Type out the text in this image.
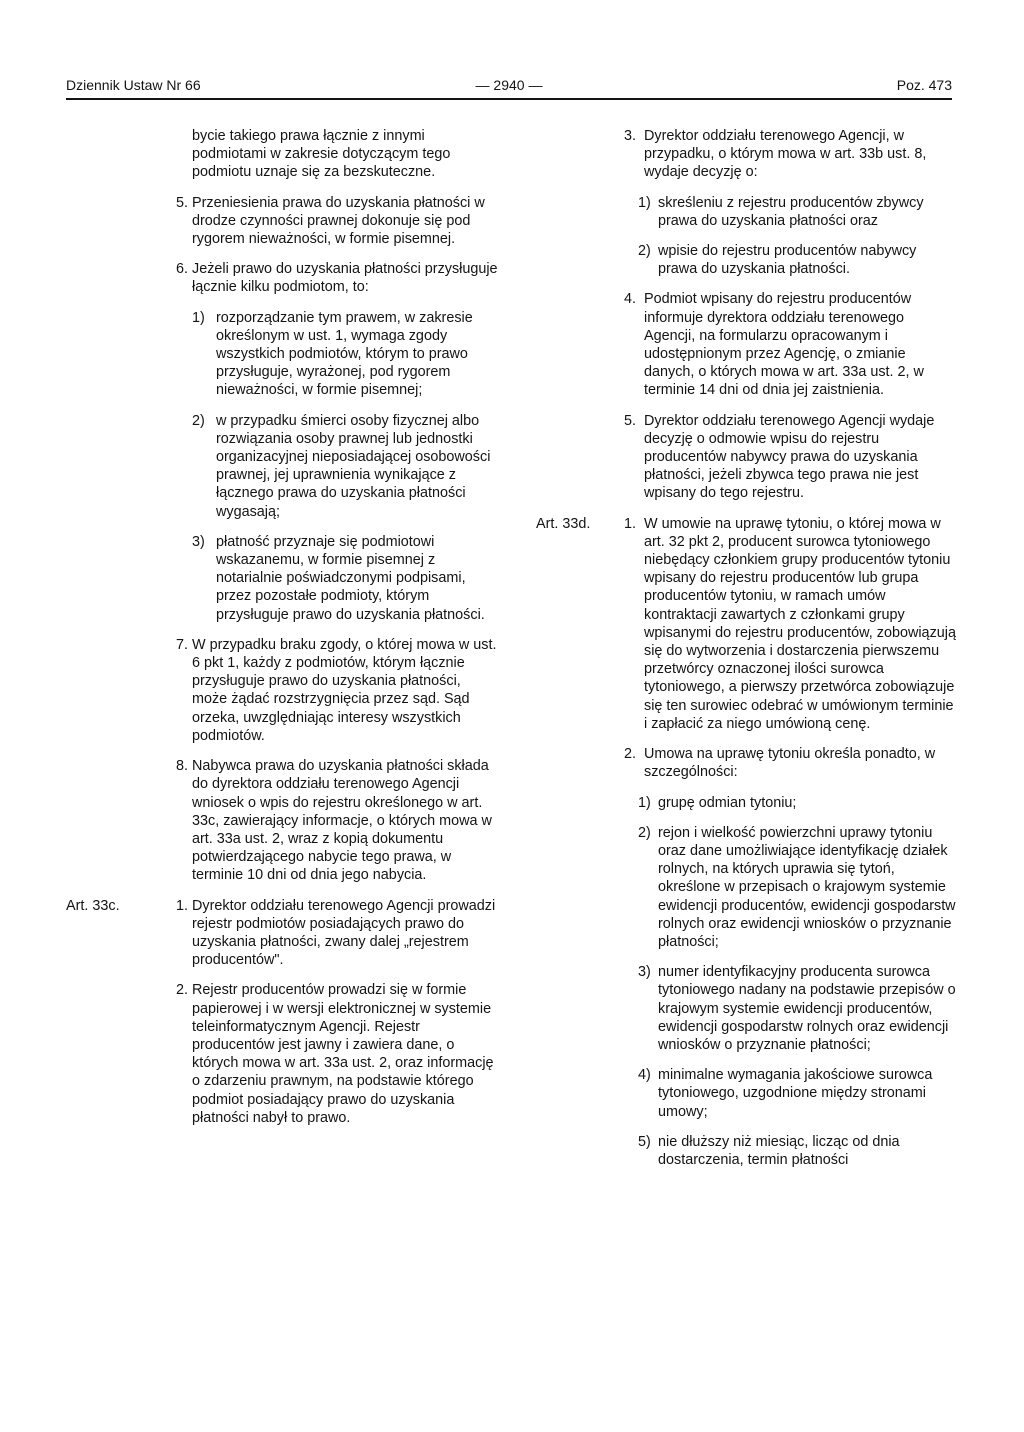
Dziennik Ustaw Nr 66	— 2940 —	Poz. 473

bycie takiego prawa łącznie z innymi podmiotami w zakresie dotyczącym tego podmiotu uznaje się za bezskuteczne.

5. Przeniesienia prawa do uzyskania płatności w drodze czynności prawnej dokonuje się pod rygorem nieważności, w formie pisemnej.

6. Jeżeli prawo do uzyskania płatności przysługuje łącznie kilku podmiotom, to:

1) rozporządzanie tym prawem, w zakresie określonym w ust. 1, wymaga zgody wszystkich podmiotów, którym to prawo przysługuje, wyrażonej, pod rygorem nieważności, w formie pisemnej;

2) w przypadku śmierci osoby fizycznej albo rozwiązania osoby prawnej lub jednostki organizacyjnej nieposiadającej osobowości prawnej, jej uprawnienia wynikające z łącznego prawa do uzyskania płatności wygasają;

3) płatność przyznaje się podmiotowi wskazanemu, w formie pisemnej z notarialnie poświadczonymi podpisami, przez pozostałe podmioty, którym przysługuje prawo do uzyskania płatności.

7. W przypadku braku zgody, o której mowa w ust. 6 pkt 1, każdy z podmiotów, którym łącznie przysługuje prawo do uzyskania płatności, może żądać rozstrzygnięcia przez sąd. Sąd orzeka, uwzględniając interesy wszystkich podmiotów.

8. Nabywca prawa do uzyskania płatności składa do dyrektora oddziału terenowego Agencji wniosek o wpis do rejestru określonego w art. 33c, zawierający informacje, o których mowa w art. 33a ust. 2, wraz z kopią dokumentu potwierdzającego nabycie tego prawa, w terminie 10 dni od dnia jego nabycia.

Art. 33c.	1. Dyrektor oddziału terenowego Agencji prowadzi rejestr podmiotów posiadających prawo do uzyskania płatności, zwany dalej „rejestrem producentów".

2. Rejestr producentów prowadzi się w formie papierowej i w wersji elektronicznej w systemie teleinformatycznym Agencji. Rejestr producentów jest jawny i zawiera dane, o których mowa w art. 33a ust. 2, oraz informację o zdarzeniu prawnym, na podstawie którego podmiot posiadający prawo do uzyskania płatności nabył to prawo.

3. Dyrektor oddziału terenowego Agencji, w przypadku, o którym mowa w art. 33b ust. 8, wydaje decyzję o:

1) skreśleniu z rejestru producentów zbywcy prawa do uzyskania płatności oraz

2) wpisie do rejestru producentów nabywcy prawa do uzyskania płatności.

4. Podmiot wpisany do rejestru producentów informuje dyrektora oddziału terenowego Agencji, na formularzu opracowanym i udostępnionym przez Agencję, o zmianie danych, o których mowa w art. 33a ust. 2, w terminie 14 dni od dnia jej zaistnienia.

5. Dyrektor oddziału terenowego Agencji wydaje decyzję o odmowie wpisu do rejestru producentów nabywcy prawa do uzyskania płatności, jeżeli zbywca tego prawa nie jest wpisany do tego rejestru.

Art. 33d. 1. W umowie na uprawę tytoniu, o której mowa w art. 32 pkt 2, producent surowca tytoniowego niebędący członkiem grupy producentów tytoniu wpisany do rejestru producentów lub grupa producentów tytoniu, w ramach umów kontraktacji zawartych z członkami grupy wpisanymi do rejestru producentów, zobowiązują się do wytworzenia i dostarczenia pierwszemu przetwórcy oznaczonej ilości surowca tytoniowego, a pierwszy przetwórca zobowiązuje się ten surowiec odebrać w umówionym terminie i zapłacić za niego umówioną cenę.

2. Umowa na uprawę tytoniu określa ponadto, w szczególności:

1) grupę odmian tytoniu;

2) rejon i wielkość powierzchni uprawy tytoniu oraz dane umożliwiające identyfikację działek rolnych, na których uprawia się tytoń, określone w przepisach o krajowym systemie ewidencji producentów, ewidencji gospodarstw rolnych oraz ewidencji wniosków o przyznanie płatności;

3) numer identyfikacyjny producenta surowca tytoniowego nadany na podstawie przepisów o krajowym systemie ewidencji producentów, ewidencji gospodarstw rolnych oraz ewidencji wniosków o przyznanie płatności;

4) minimalne wymagania jakościowe surowca tytoniowego, uzgodnione między stronami umowy;

5) nie dłuższy niż miesiąc, licząc od dnia dostarczenia, termin płatności
